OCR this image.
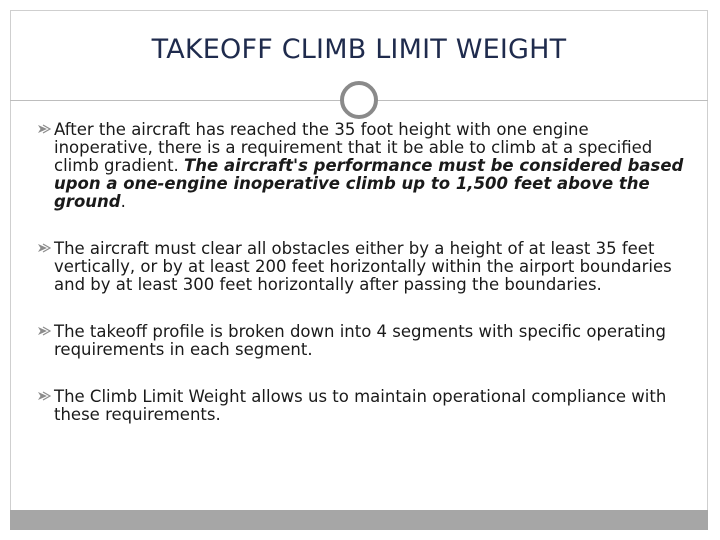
TAKEOFF CLIMB LIMIT WEIGHT
After the aircraft has reached the 35 foot height with one engine inoperative, there is a requirement that it be able to climb at a specified climb gradient. The aircraft's performance must be considered based upon a one-engine inoperative climb up to 1,500 feet above the ground.
The aircraft must clear all obstacles either by a height of at least 35 feet vertically, or by at least 200 feet horizontally within the airport boundaries and by at least 300 feet horizontally after passing the boundaries.
The takeoff profile is broken down into 4 segments with specific operating requirements in each segment.
The Climb Limit Weight allows us to maintain operational compliance with these requirements.
